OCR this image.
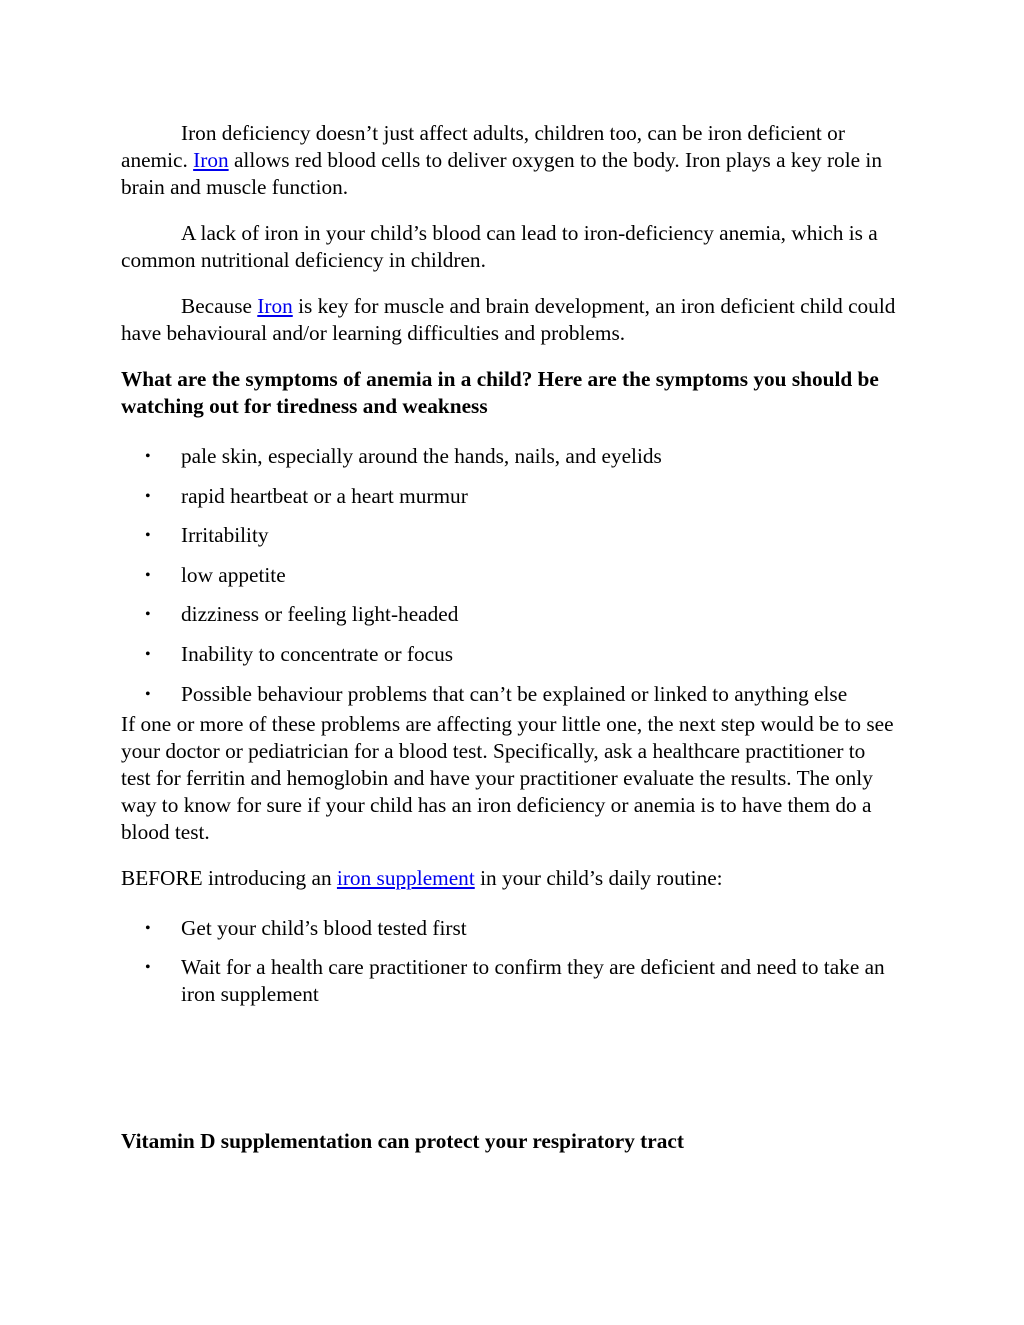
Iron deficiency doesn’t just affect adults, children too, can be iron deficient or anemic. Iron allows red blood cells to deliver oxygen to the body. Iron plays a key role in brain and muscle function.

A lack of iron in your child’s blood can lead to iron-deficiency anemia, which is a common nutritional deficiency in children.

Because Iron is key for muscle and brain development, an iron deficient child could have behavioural and/or learning difficulties and problems.

What are the symptoms of anemia in a child? Here are the symptoms you should be watching out for tiredness and weakness

• pale skin, especially around the hands, nails, and eyelids
• rapid heartbeat or a heart murmur
• Irritability
• low appetite
• dizziness or feeling light-headed
• Inability to concentrate or focus
• Possible behaviour problems that can’t be explained or linked to anything else

If one or more of these problems are affecting your little one, the next step would be to see your doctor or pediatrician for a blood test. Specifically, ask a healthcare practitioner to test for ferritin and hemoglobin and have your practitioner evaluate the results. The only way to know for sure if your child has an iron deficiency or anemia is to have them do a blood test.

BEFORE introducing an iron supplement in your child’s daily routine:

• Get your child’s blood tested first
• Wait for a health care practitioner to confirm they are deficient and need to take an iron supplement

Vitamin D supplementation can protect your respiratory tract
